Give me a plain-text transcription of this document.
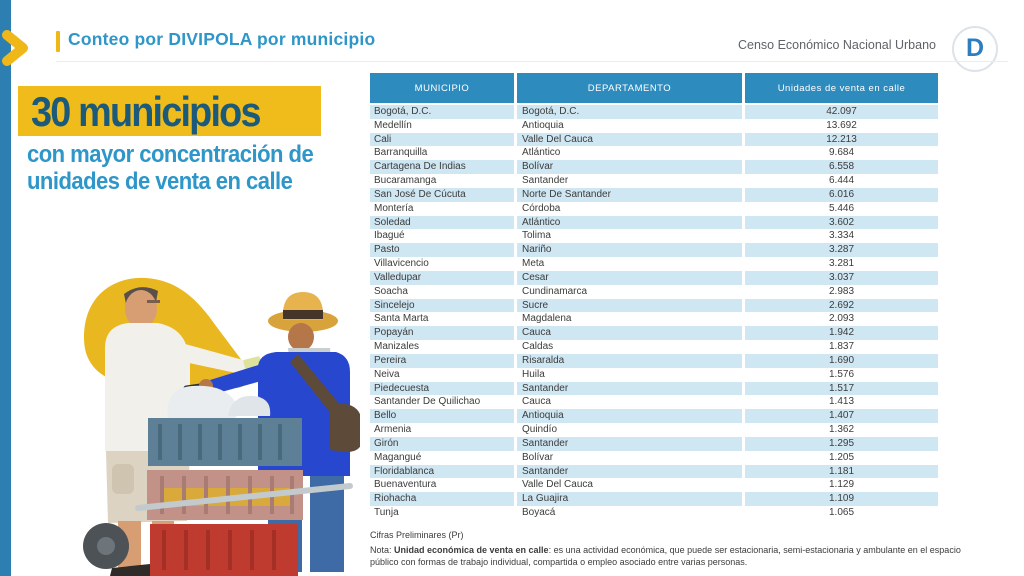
Conteo por DIVIPOLA por municipio	Censo Económico Nacional Urbano D
30 municipios
con mayor concentración de
unidades de venta en calle
MUNICIPIO	DEPARTAMENTO	Unidades de venta en calle
Bogotá, D.C.	Bogotá, D.C.	42.097
Medellín	Antioquia	13.692
Cali	Valle Del Cauca	12.213
Barranquilla	Atlántico	9.684
Cartagena De Indias	Bolívar	6.558
Bucaramanga	Santander	6.444
San José De Cúcuta	Norte De Santander	6.016
Montería	Córdoba	5.446
Soledad	Atlántico	3.602
Ibagué	Tolima	3.334
Pasto	Nariño	3.287
Villavicencio	Meta	3.281
Valledupar	Cesar	3.037
Soacha	Cundinamarca	2.983
Sincelejo	Sucre	2.692
Santa Marta	Magdalena	2.093
Popayán	Cauca	1.942
Manizales	Caldas	1.837
Pereira	Risaralda	1.690
Neiva	Huila	1.576
Piedecuesta	Santander	1.517
Santander De Quilichao	Cauca	1.413
Bello	Antioquia	1.407
Armenia	Quindío	1.362
Girón	Santander	1.295
Magangué	Bolívar	1.205
Floridablanca	Santander	1.181
Buenaventura	Valle Del Cauca	1.129
Riohacha	La Guajira	1.109
Tunja	Boyacá	1.065
Cifras Preliminares (Pr)
Nota: Unidad económica de venta en calle: es una actividad económica, que puede ser estacionaria, semi-estacionaria y ambulante en el espacio público con formas de trabajo individual, compartida o empleo asociado entre varias personas.
